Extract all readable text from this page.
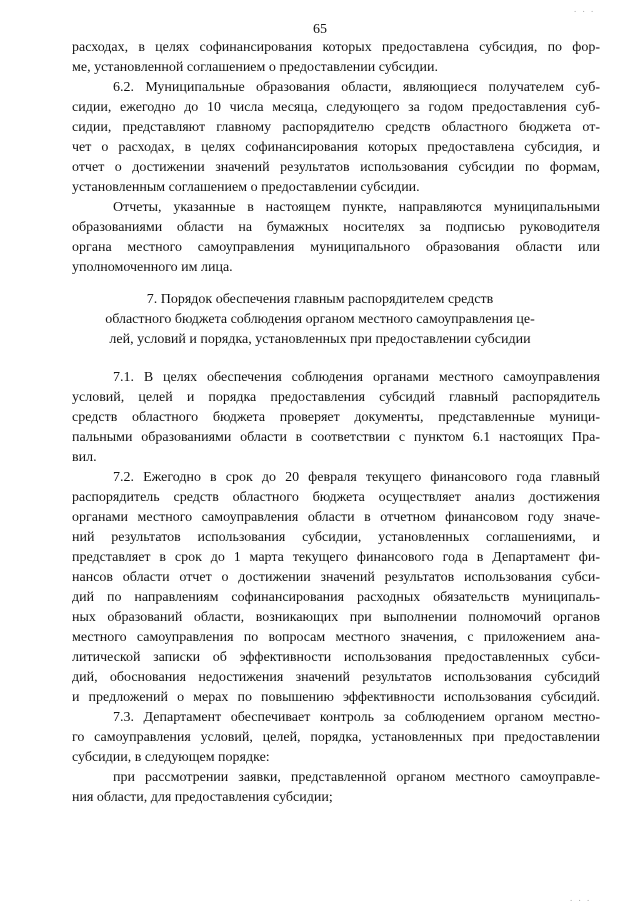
65
расходах, в целях софинансирования которых предоставлена субсидия, по фор-
ме, установленной соглашением о предоставлении субсидии.
6.2. Муниципальные образования области, являющиеся получателем суб-
сидии, ежегодно до 10 числа месяца, следующего за годом предоставления суб-
сидии, представляют главному распорядителю средств областного бюджета от-
чет о расходах, в целях софинансирования которых предоставлена субсидия, и
отчет о достижении значений результатов использования субсидии по формам,
установленным соглашением о предоставлении субсидии.
Отчеты, указанные в настоящем пункте, направляются муниципальными
образованиями области на бумажных носителях за подписью руководителя
органа местного самоуправления муниципального образования области или
уполномоченного им лица.
7. Порядок обеспечения главным распорядителем средств
областного бюджета соблюдения органом местного самоуправления це-
лей, условий и порядка, установленных при предоставлении субсидии
7.1. В целях обеспечения соблюдения органами местного самоуправления
условий, целей и порядка предоставления субсидий главный распорядитель
средств областного бюджета проверяет документы, представленные муници-
пальными образованиями области в соответствии с пунктом 6.1 настоящих Пра-
вил.
7.2. Ежегодно в срок до 20 февраля текущего финансового года главный
распорядитель средств областного бюджета осуществляет анализ достижения
органами местного самоуправления области в отчетном финансовом году значе-
ний результатов использования субсидии, установленных соглашениями, и
представляет в срок до 1 марта текущего финансового года в Департамент фи-
нансов области отчет о достижении значений результатов использования субси-
дий по направлениям софинансирования расходных обязательств муниципаль-
ных образований области, возникающих при выполнении полномочий органов
местного самоуправления по вопросам местного значения, с приложением ана-
литической записки об эффективности использования предоставленных субси-
дий, обоснования недостижения значений результатов использования субсидий
и предложений о мерах по повышению эффективности использования субсидий.
7.3. Департамент обеспечивает контроль за соблюдением органом местно-
го самоуправления условий, целей, порядка, установленных при предоставлении
субсидии, в следующем порядке:
при рассмотрении заявки, представленной органом местного самоуправле-
ния области, для предоставления субсидии;
. . .
. . .
